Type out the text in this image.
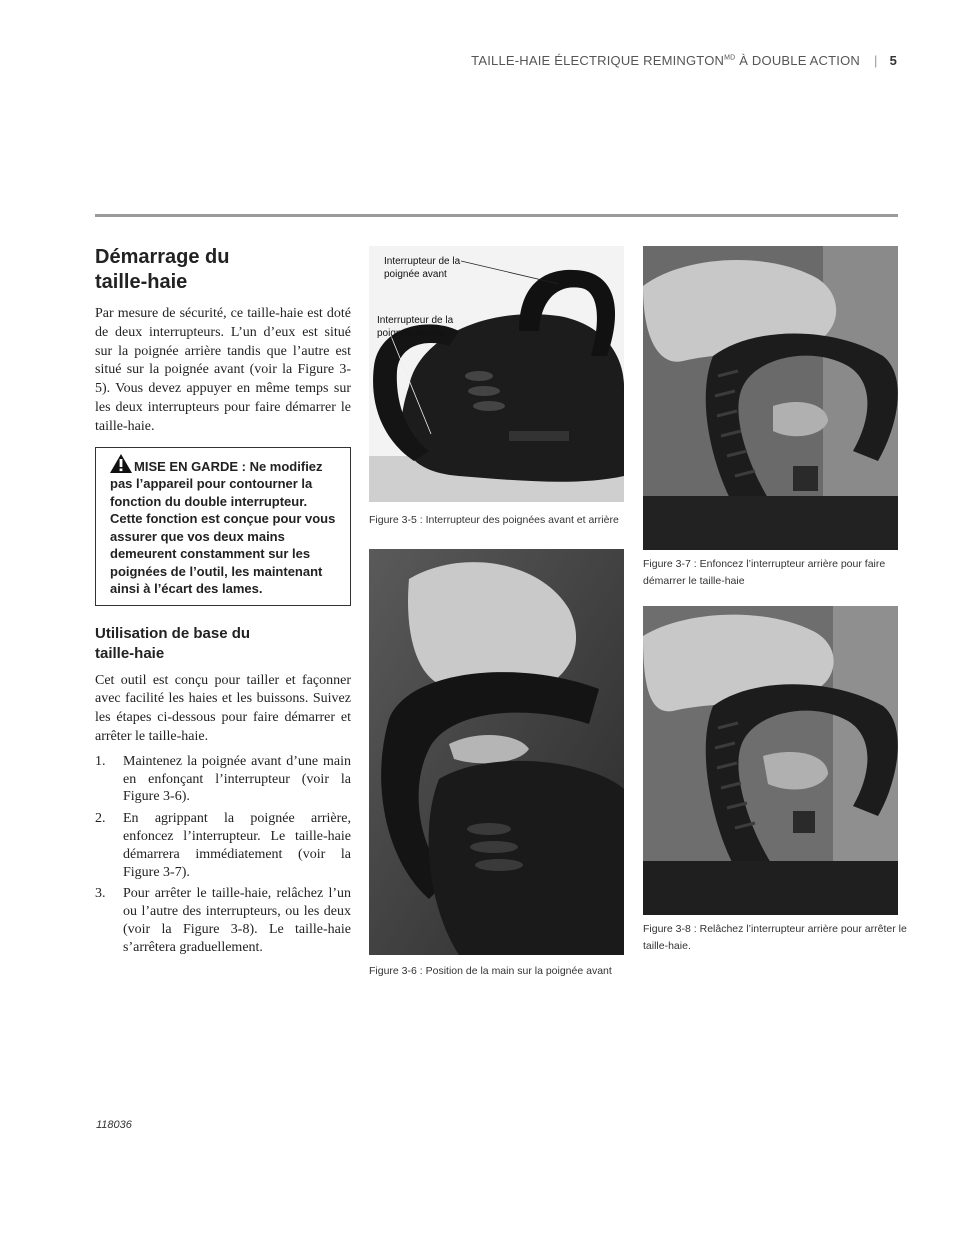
TAILLE-HAIE ÉLECTRIQUE $REMINGTON^{MD}$ À DOUBLE ACTION | 5
Démarrage du
taille-haie

Par mesure de sécurité, ce taille-haie est doté de deux interrupteurs. L’un d’eux est situé sur la poignée arrière tandis que l’autre est situé sur la poignée avant (voir la Figure 3-5). Vous devez appuyer en même temps sur les deux interrupteurs pour faire démarrer le taille-haie.

MISE EN GARDE : Ne modifiez pas l’appareil pour contourner la fonction du double interrupteur. Cette fonction est conçue pour vous assurer que vos deux mains demeurent constamment sur les poignées de l’outil, les maintenant ainsi à l’écart des lames.
Utilisation de base du
taille-haie

Cet outil est conçu pour tailler et façonner avec facilité les haies et les buissons. Suivez les étapes ci-dessous pour faire démarrer et arrêter le taille-haie.

1. Maintenez la poignée avant d’une main en enfonçant l’interrupteur (voir la Figure 3-6).
2. En agrippant la poignée arrière, enfoncez l’interrupteur. Le taille-haie démarrera immédiatement (voir la Figure 3-7).
3. Pour arrêter le taille-haie, relâchez l’un ou l’autre des interrupteurs, ou les deux (voir la Figure 3-8). Le taille-haie s’arrêtera graduellement.
Interrupteur de la
poignée avant
Interrupteur de la
poignée arrière
Figure 3-5 : Interrupteur des poignées avant et arrière
Figure 3-6 : Position de la main sur la poignée avant
Figure 3-7 : Enfoncez l’interrupteur arrière pour faire
démarrer le taille-haie
Figure 3-8 : Relâchez l’interrupteur arrière pour arrêter le
taille-haie.
118036
